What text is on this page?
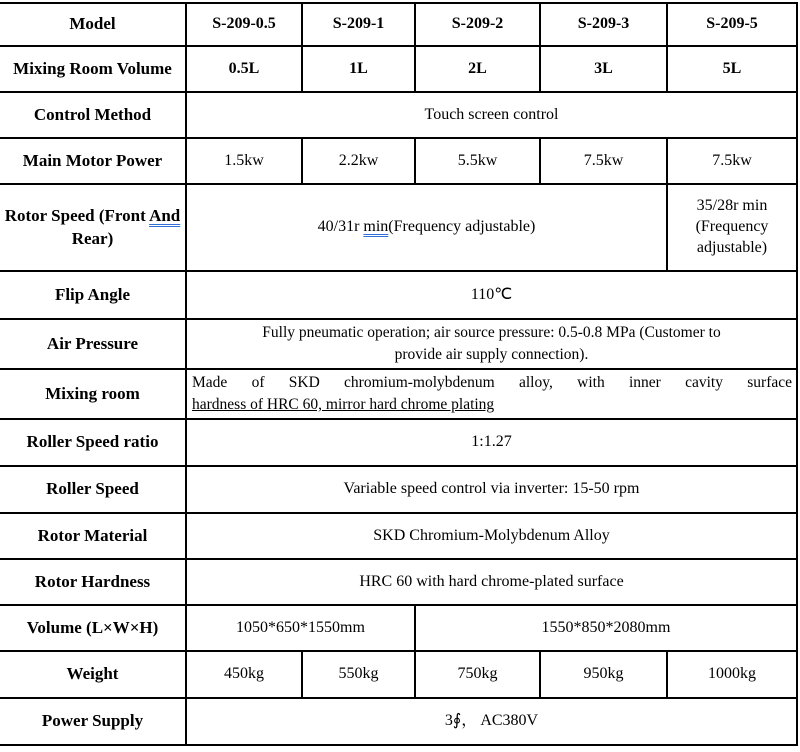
Model	S-209-0.5	S-209-1	S-209-2	S-209-3	S-209-5
Mixing Room Volume	0.5L	1L	2L	3L	5L
Control Method	Touch screen control				
Main Motor Power	1.5kw	2.2kw	5.5kw	7.5kw	7.5kw
Rotor Speed (Front And Rear)	40/31r min(Frequency adjustable)				35/28r min (Frequency adjustable)
Flip Angle	110℃				
Air Pressure	Fully pneumatic operation; air source pressure: 0.5-0.8 MPa (Customer to
provide air supply connection).				

Mixing room	Made of SKD chromium-molybdenum alloy, with inner cavity surface
hardness of HRC 60, mirror hard chrome plating				

Roller Speed ratio	1:1.27				
Roller Speed	Variable speed control via inverter: 15-50 rpm				
Rotor Material	SKD Chromium-Molybdenum Alloy				
Rotor Hardness	HRC 60 with hard chrome-plated surface				
Volume (L×W×H)	1050*650*1550mm		1550*850*2080mm		
Weight	450kg	550kg	750kg	950kg	1000kg
Power Supply	3∮， AC380V				
